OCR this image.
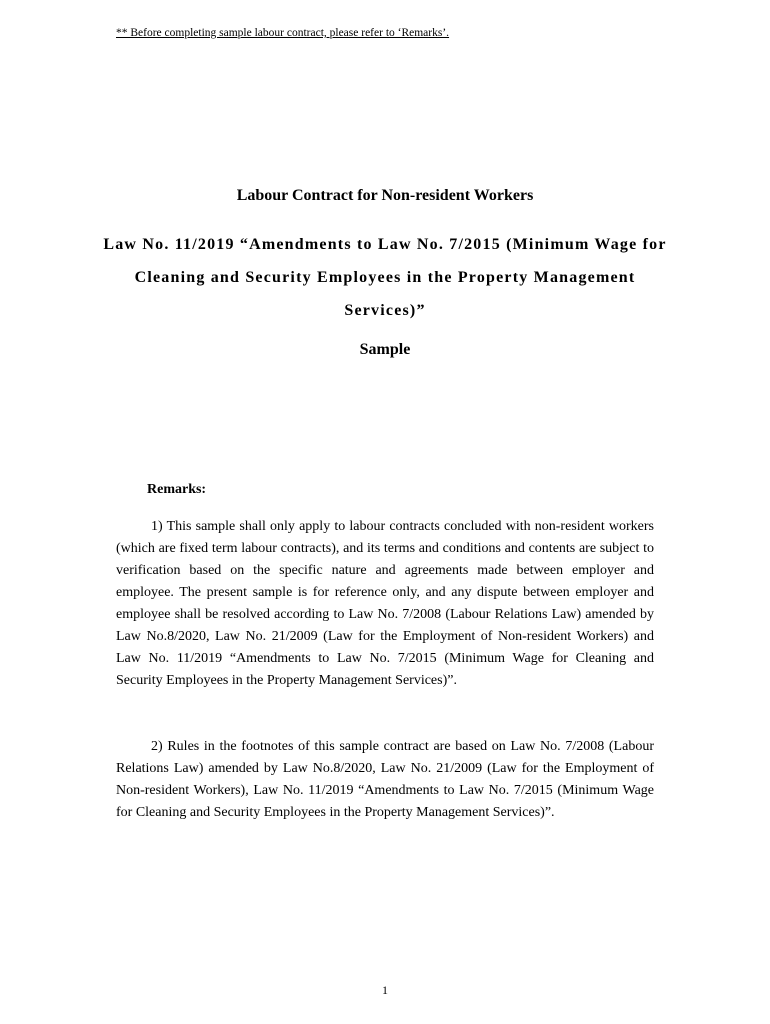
** Before completing sample labour contract, please refer to ‘Remarks’.
Labour Contract for Non-resident Workers
Law No. 11/2019 “Amendments to Law No. 7/2015 (Minimum Wage for Cleaning and Security Employees in the Property Management Services)”
Sample
Remarks:

1) This sample shall only apply to labour contracts concluded with non-resident workers (which are fixed term labour contracts), and its terms and conditions and contents are subject to verification based on the specific nature and agreements made between employer and employee. The present sample is for reference only, and any dispute between employer and employee shall be resolved according to Law No. 7/2008 (Labour Relations Law) amended by Law No.8/2020, Law No. 21/2009 (Law for the Employment of Non-resident Workers) and Law No. 11/2019 “Amendments to Law No. 7/2015 (Minimum Wage for Cleaning and Security Employees in the Property Management Services)”.

2) Rules in the footnotes of this sample contract are based on Law No. 7/2008 (Labour Relations Law) amended by Law No.8/2020, Law No. 21/2009 (Law for the Employment of Non-resident Workers), Law No. 11/2019 “Amendments to Law No. 7/2015 (Minimum Wage for Cleaning and Security Employees in the Property Management Services)”.

1
